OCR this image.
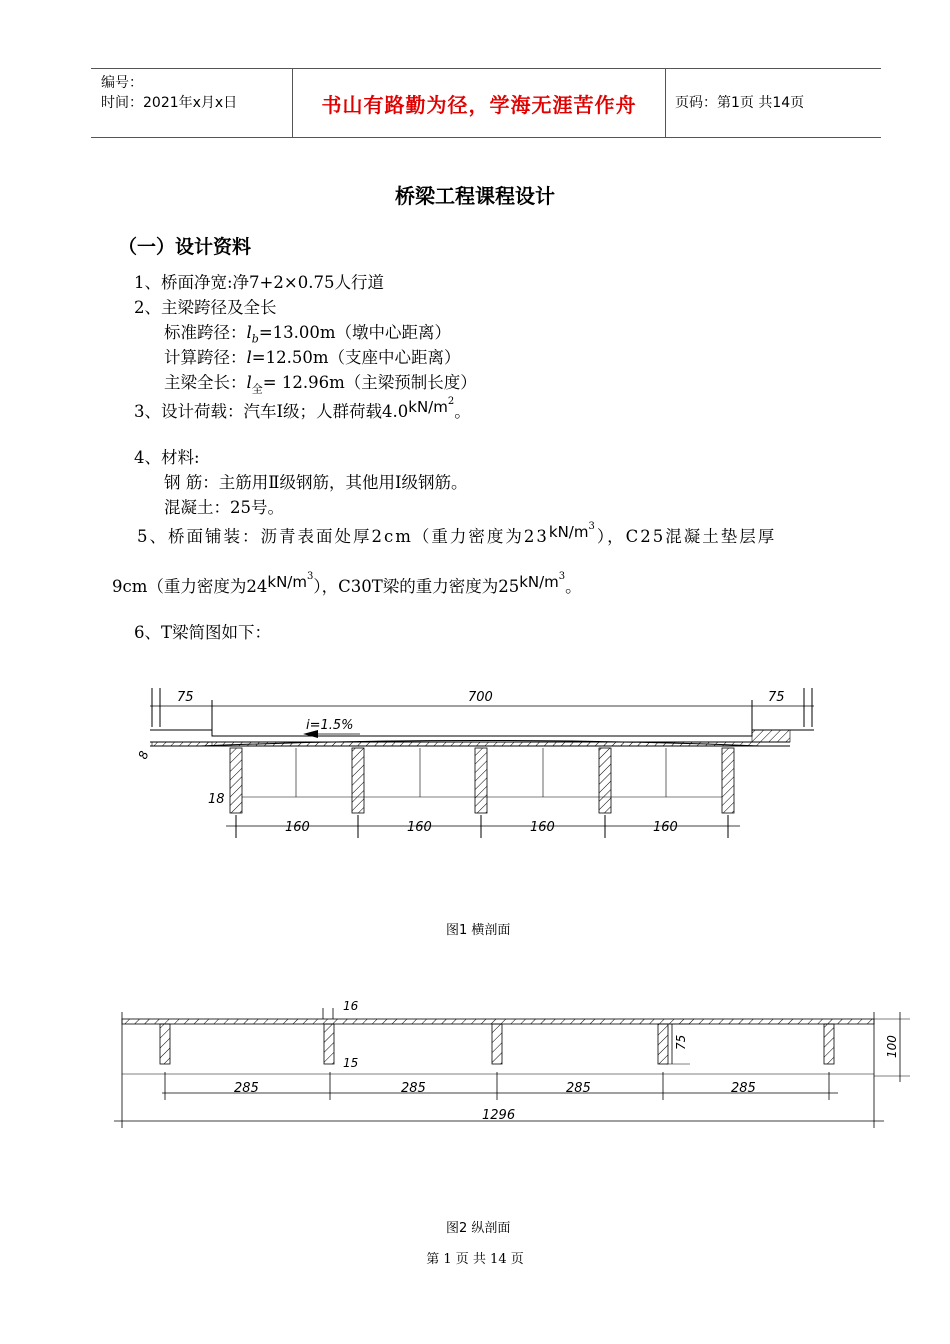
编号：
时间：2021年x月x日	书山有路勤为径，学海无涯苦作舟	页码：第1页 共14页
桥梁工程课程设计
（一）设计资料
1、桥面净宽:净7+2×0.75人行道
2、主梁跨径及全长
标准跨径：$l_b=13.00m$（墩中心距离）
计算跨径：l=12.50m（支座中心距离）
主梁全长：$l_全= 12.96m$（主梁预制长度）
3、设计荷载：汽车Ⅰ级；人群荷载$4.0kN/m^2$。
4、材料:
钢 筋：主筋用Ⅱ级钢筋，其他用Ⅰ级钢筋。
混凝土：25号。
5、桥面铺装：沥青表面处厚2cm（重力密度为$23kN/m^3$），C25混凝土垫层厚
9cm（重力密度为$24kN/m^3$），C30T梁的重力密度为$25kN/m^3$。
6、T梁简图如下：
75	700	75
i=1.5%
8
18
160	160	160	160
图1 横剖面
16
15
75	100
285	285	285	285
1296
图2 纵剖面
第 1 页 共 14 页
